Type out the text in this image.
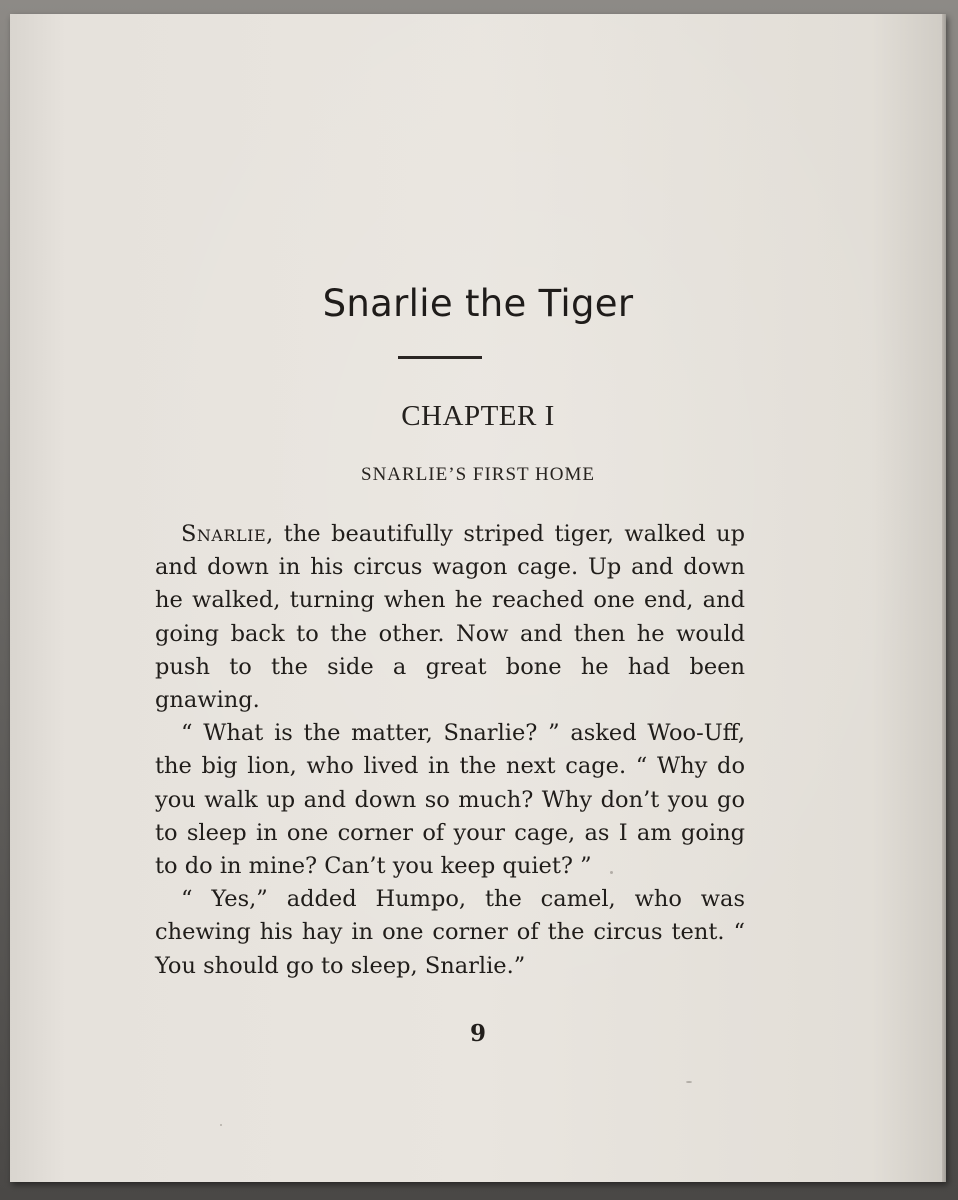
Snarlie the Tiger
CHAPTER I
SNARLIE’S FIRST HOME

Snarlie, the beautifully striped tiger, walked up and down in his circus wagon cage. Up and down he walked, turning when he reached one end, and going back to the other. Now and then he would push to the side a great bone he had been gnawing.

“ What is the matter, Snarlie? ” asked Woo-Uff, the big lion, who lived in the next cage. “ Why do you walk up and down so much? Why don’t you go to sleep in one corner of your cage, as I am going to do in mine? Can’t you keep quiet? ”

“ Yes,” added Humpo, the camel, who was chewing his hay in one corner of the circus tent. “ You should go to sleep, Snarlie.”

9
